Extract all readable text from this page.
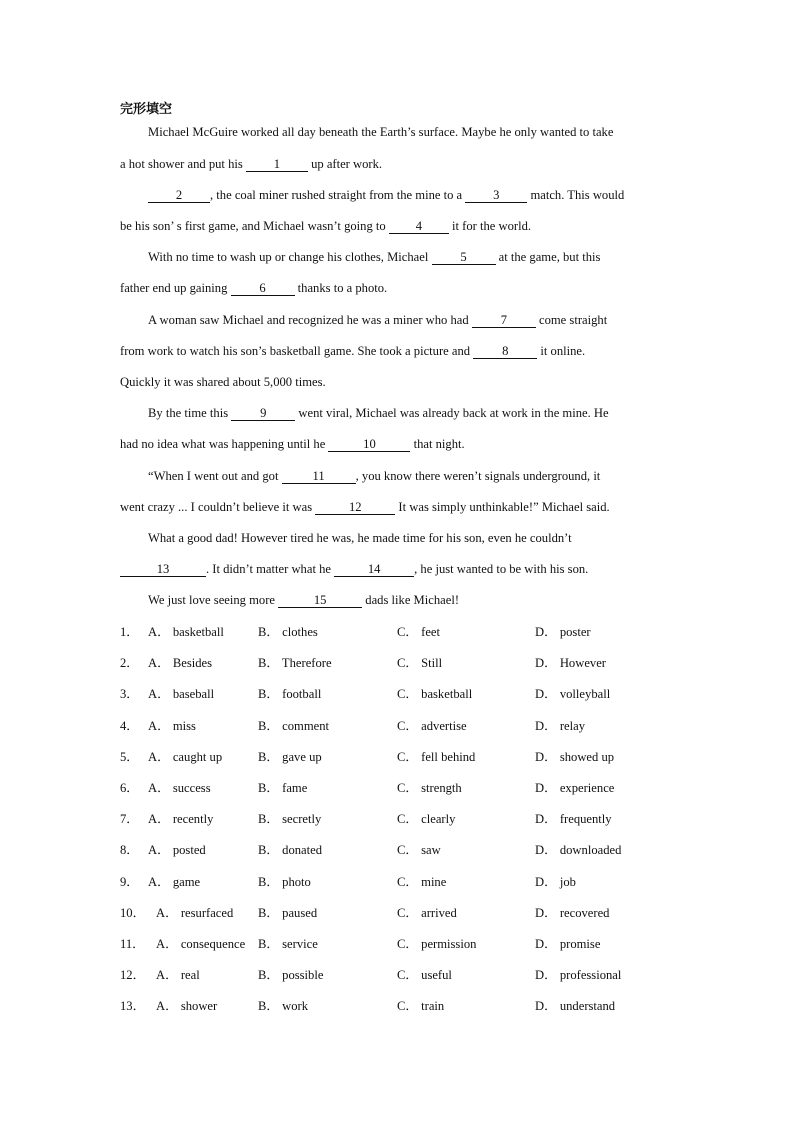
完形填空
Michael McGuire worked all day beneath the Earth’s surface. Maybe he only wanted to take
a hot shower and put his 1 up after work.
2 , the coal miner rushed straight from the mine to a 3 match. This would
be his son’ s first game, and Michael wasn’t going to 4 it for the world.
With no time to wash up or change his clothes, Michael 5 at the game, but this
father end up gaining 6 thanks to a photo.
A woman saw Michael and recognized he was a miner who had 7 come straight
from work to watch his son’s basketball game. She took a picture and 8 it online.
Quickly it was shared about 5,000 times.
By the time this 9 went viral, Michael was already back at work in the mine. He
had no idea what was happening until he	10	that night.
“When I went out and got 11 , you know there weren’t signals underground, it
went crazy ... I couldn’t believe it was	12	It was simply unthinkable!” Michael said.
What a good dad! However tired he was, he made time for his son, even he couldn’t
13	. It didn’t matter what he	14	, he just wanted to be with his son.
We just love seeing more	15	dads like Michael!
1． A． basketball	B． clothes	C． feet	D． poster
2． A． Besides	B． Therefore	C． Still	D． However
3． A． baseball	B． football	C． basketball	D． volleyball
4． A． miss	B． comment	C． advertise	D． relay
5． A． caught up	B． gave up	C． fell behind	D． showed up
6． A． success	B． fame	C． strength	D． experience
7． A． recently	B． secretly	C． clearly	D． frequently
8． A． posted	B． donated	C． saw	D． downloaded
9． A． game	B． photo	C． mine	D． job
10． A． resurfaced B． paused	C． arrived	D． recovered
11． A． consequence B． service	C． permission	D． promise
12． A． real	B． possible	C． useful	D． professional
13． A． shower	B． work	C． train	D． understand
